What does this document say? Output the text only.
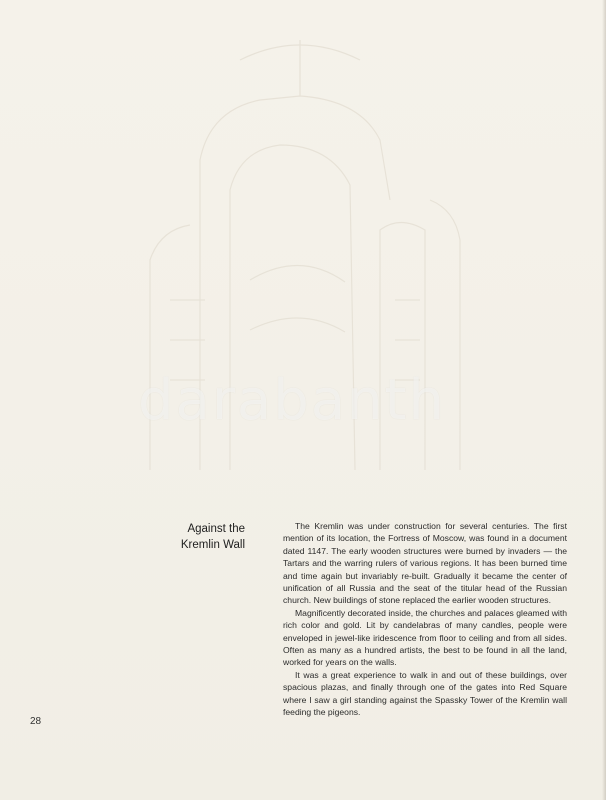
darabanth
Against the
Kremlin Wall

The Kremlin was under construction for several centuries. The first mention of its location, the Fortress of Moscow, was found in a document dated 1147. The early wooden structures were burned by invaders — the Tartars and the warring rulers of various regions. It has been burned time and time again but invariably re-built. Gradually it became the center of unification of all Russia and the seat of the titular head of the Russian church. New buildings of stone replaced the earlier wooden structures.

Magnificently decorated inside, the churches and palaces gleamed with rich color and gold. Lit by candelabras of many candles, people were enveloped in jewel-like iridescence from floor to ceiling and from all sides. Often as many as a hundred artists, the best to be found in all the land, worked for years on the walls.

It was a great experience to walk in and out of these buildings, over spacious plazas, and finally through one of the gates into Red Square where I saw a girl standing against the Spassky Tower of the Kremlin wall feeding the pigeons.

28
